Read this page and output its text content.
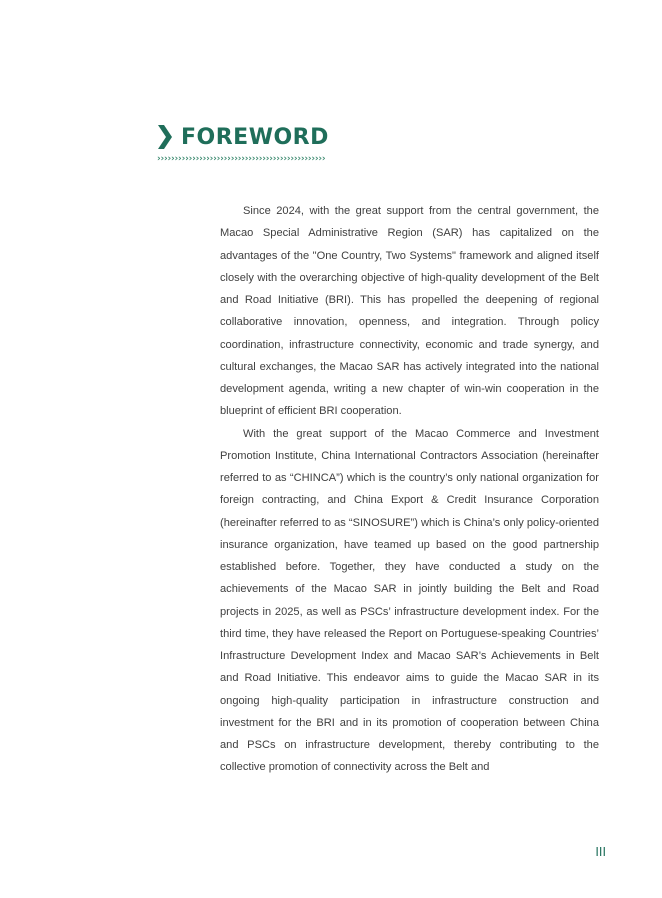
FOREWORD
››››››››››››››››››››››››››››››››››››››››››››››››

Since 2024, with the great support from the central government, the Macao Special Administrative Region (SAR) has capitalized on the advantages of the "One Country, Two Systems" framework and aligned itself closely with the overarching objective of high-quality development of the Belt and Road Initiative (BRI). This has propelled the deepening of regional collaborative innovation, openness, and integration. Through policy coordination, infrastructure connectivity, economic and trade synergy, and cultural exchanges, the Macao SAR has actively integrated into the national development agenda, writing a new chapter of win-win cooperation in the blueprint of efficient BRI cooperation.

With the great support of the Macao Commerce and Investment Promotion Institute, China International Contractors Association (hereinafter referred to as “CHINCA”) which is the country’s only national organization for foreign contracting, and China Export & Credit Insurance Corporation (hereinafter referred to as “SINOSURE”) which is China’s only policy-oriented insurance organization, have teamed up based on the good partnership established before. Together, they have conducted a study on the achievements of the Macao SAR in jointly building the Belt and Road projects in 2025, as well as PSCs’ infrastructure development index. For the third time, they have released the Report on Portuguese-speaking Countries’ Infrastructure Development Index and Macao SAR’s Achievements in Belt and Road Initiative. This endeavor aims to guide the Macao SAR in its ongoing high-quality participation in infrastructure construction and investment for the BRI and in its promotion of cooperation between China and PSCs on infrastructure development, thereby contributing to the collective promotion of connectivity across the Belt and

III
